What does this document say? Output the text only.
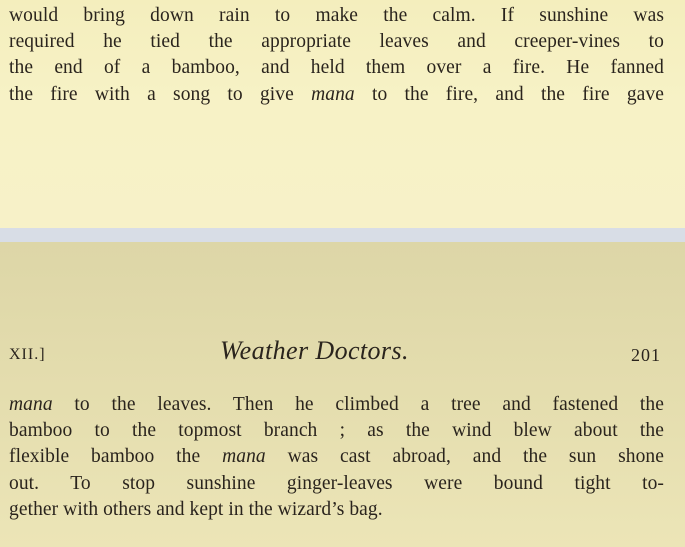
would bring down rain to make the calm. If sunshine was
required he tied the appropriate leaves and creeper-vines to
the end of a bamboo, and held them over a fire. He fanned
the fire with a song to give mana to the fire, and the fire gave
XII.]	Weather Doctors.	201
mana to the leaves. Then he climbed a tree and fastened the
bamboo to the topmost branch ; as the wind blew about the
flexible bamboo the mana was cast abroad, and the sun shone
out. To stop sunshine ginger-leaves were bound tight to-
gether with others and kept in the wizard’s bag.
